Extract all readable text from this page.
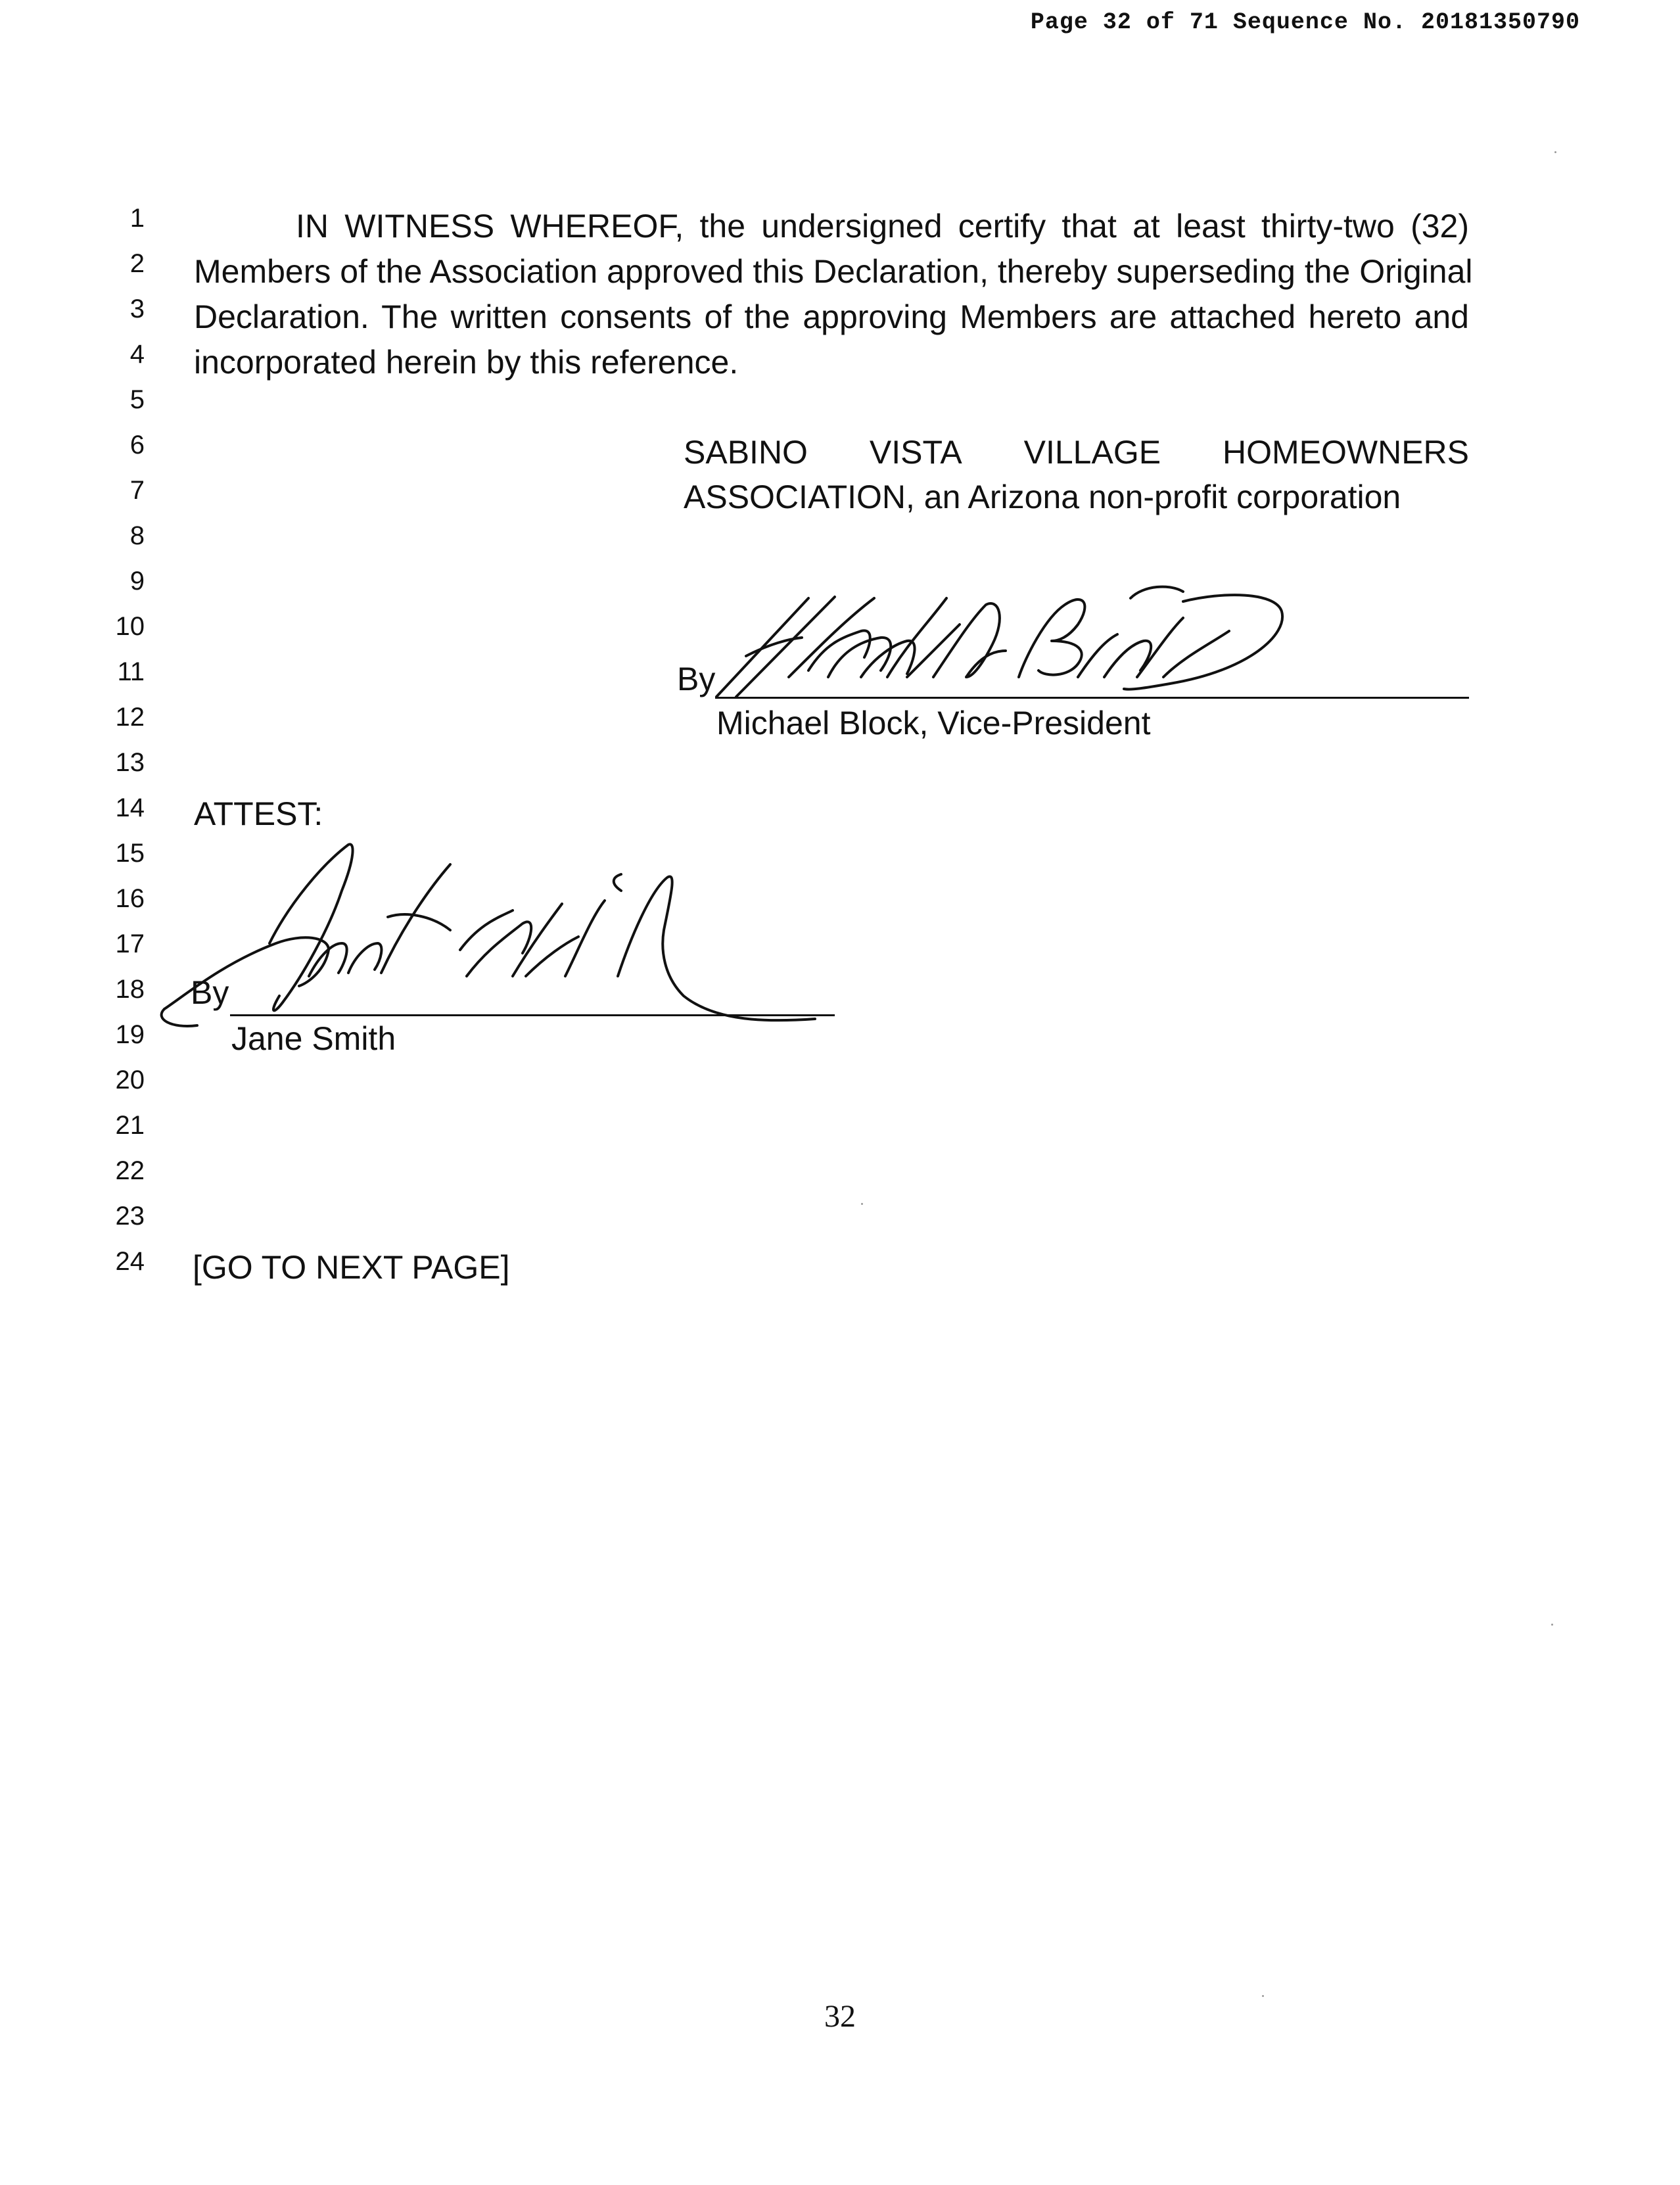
Page 32 of 71 Sequence No. 20181350790
1
2
3
4
5
6
7
8
9
10
11
12
13
14
15
16
17
18
19
20
21
22
23
24
IN WITNESS WHEREOF, the undersigned certify that at least thirty-two (32)
Members of the Association approved this Declaration, thereby superseding the Original
Declaration. The written consents of the approving Members are attached hereto and
incorporated herein by this reference.
SABINO VISTA VILLAGE HOMEOWNERS
ASSOCIATION, an Arizona non-profit corporation
By
Michael Block, Vice-President
ATTEST:
By
Jane Smith
[GO TO NEXT PAGE]
32
